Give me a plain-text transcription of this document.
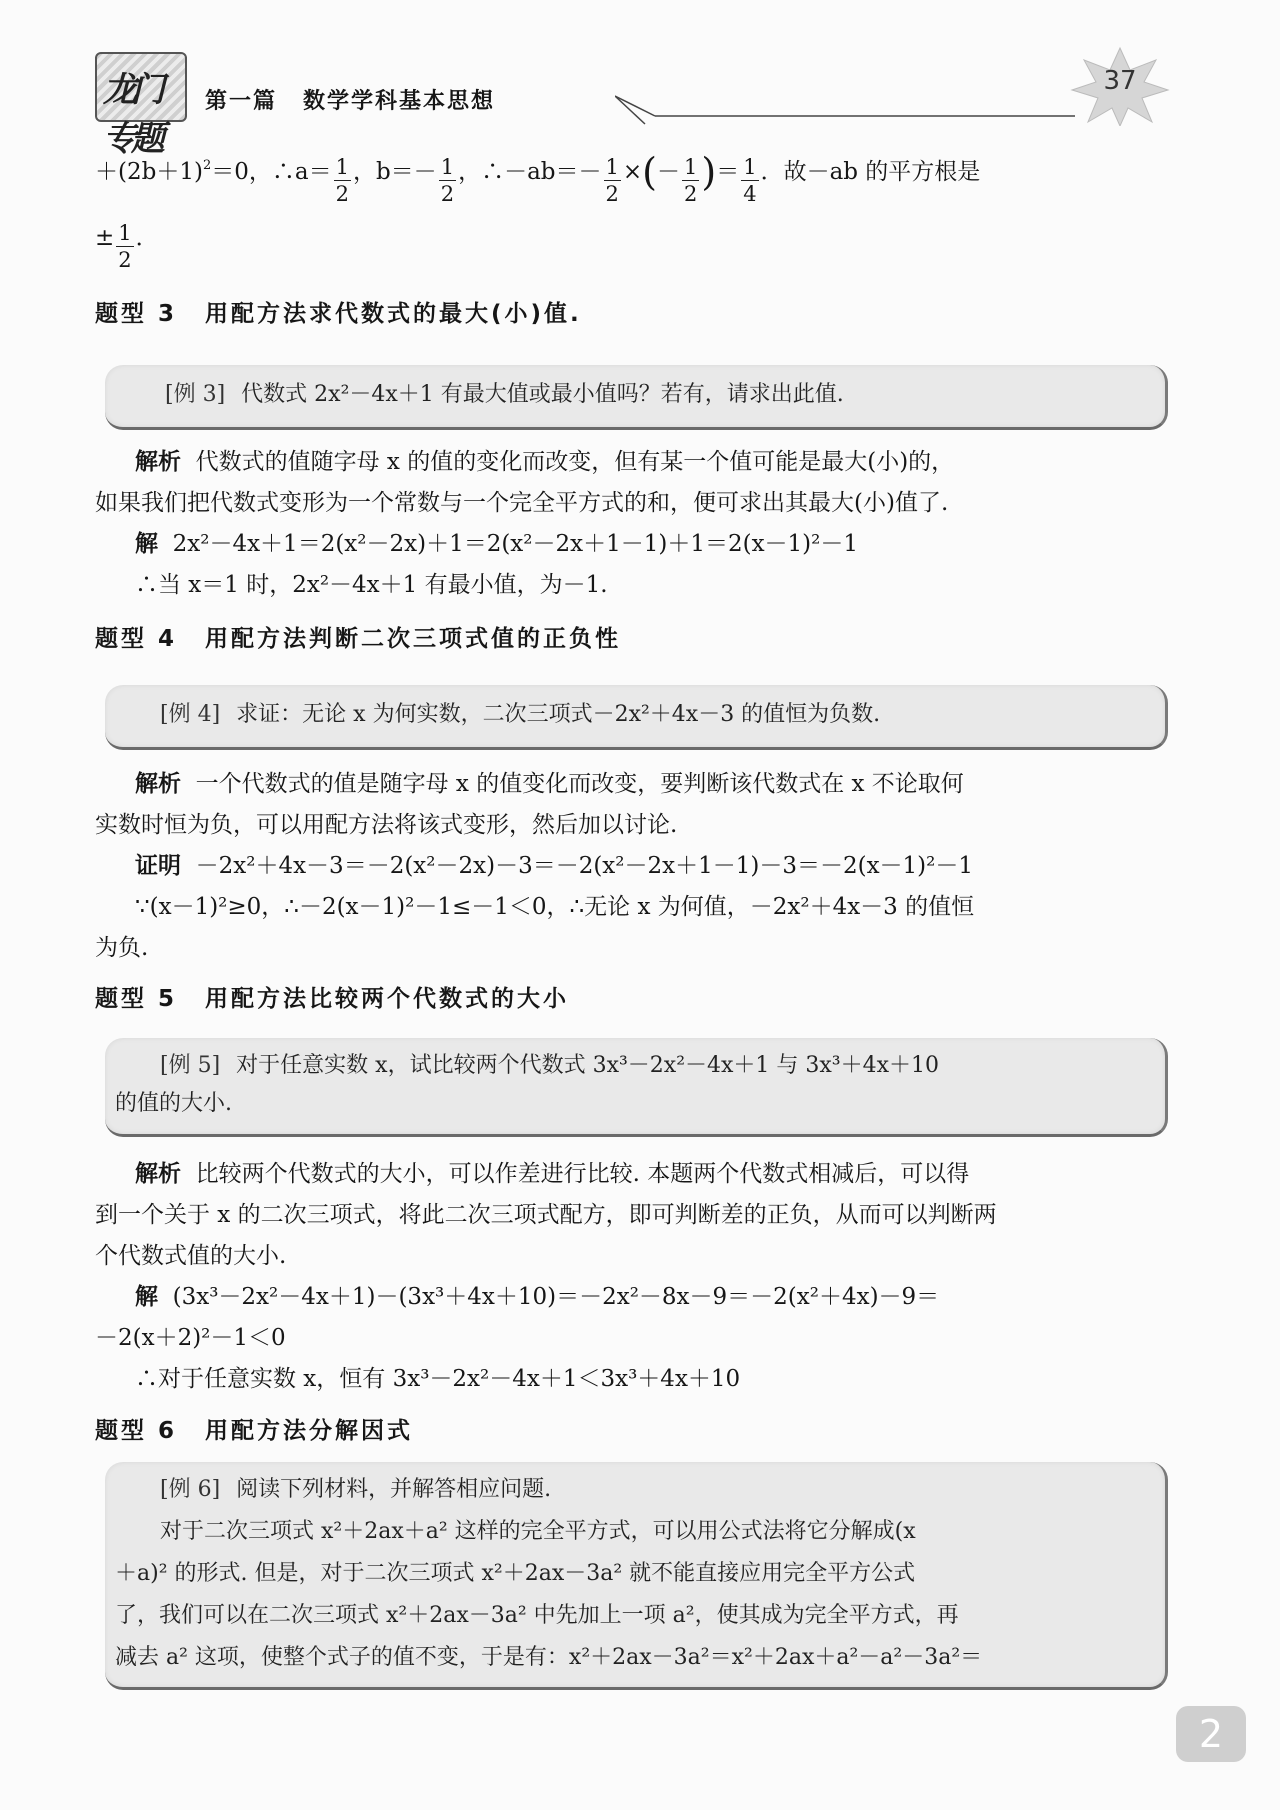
龙门专题
第一篇 数学学科基本思想
37
$+(2b+1)^2=0$，∴a＝ $\frac{1}{2}$ ，$b=- \frac{1}{2}$ ，∴－ab＝－ $\frac{1}{2}$ ×(－ $\frac{1}{2}$ )＝ $\frac{1}{4}$ ．故－ab 的平方根是
± $\frac{1}{2}$ ．
题型 3 用配方法求代数式的最大(小)值.
[例 3] 代数式 2x²－4x＋1 有最大值或最小值吗？若有，请求出此值.
解析 代数式的值随字母 x 的值的变化而改变，但有某一个值可能是最大(小)的，
如果我们把代数式变形为一个常数与一个完全平方式的和，便可求出其最大(小)值了.
解 2x²－4x＋1＝2(x²－2x)＋1＝2(x²－2x＋1－1)＋1＝2(x－1)²－1
∴当 x＝1 时，2x²－4x＋1 有最小值，为－1.
题型 4 用配方法判断二次三项式值的正负性
[例 4] 求证：无论 x 为何实数，二次三项式－2x²＋4x－3 的值恒为负数.
解析 一个代数式的值是随字母 x 的值变化而改变，要判断该代数式在 x 不论取何
实数时恒为负，可以用配方法将该式变形，然后加以讨论.
证明 －2x²＋4x－3＝－2(x²－2x)－3＝－2(x²－2x＋1－1)－3＝－2(x－1)²－1
∵(x－1)²≥0，∴－2(x－1)²－1≤－1＜0，∴无论 x 为何值，－2x²＋4x－3 的值恒
为负.
题型 5 用配方法比较两个代数式的大小
[例 5] 对于任意实数 x，试比较两个代数式 3x³－2x²－4x＋1 与 3x³＋4x＋10
的值的大小.
解析 比较两个代数式的大小，可以作差进行比较. 本题两个代数式相减后，可以得
到一个关于 x 的二次三项式，将此二次三项式配方，即可判断差的正负，从而可以判断两
个代数式值的大小.
解 (3x³－2x²－4x＋1)－(3x³＋4x＋10)＝－2x²－8x－9＝－2(x²＋4x)－9＝
－2(x＋2)²－1＜0
∴对于任意实数 x，恒有 3x³－2x²－4x＋1＜3x³＋4x＋10
题型 6 用配方法分解因式
[例 6] 阅读下列材料，并解答相应问题.
对于二次三项式 x²＋2ax＋a² 这样的完全平方式，可以用公式法将它分解成(x
＋a)² 的形式. 但是，对于二次三项式 x²＋2ax－3a² 就不能直接应用完全平方公式
了，我们可以在二次三项式 x²＋2ax－3a² 中先加上一项 a²，使其成为完全平方式，再
减去 a² 这项，使整个式子的值不变，于是有：x²＋2ax－3a²＝x²＋2ax＋a²－a²－3a²＝
2
